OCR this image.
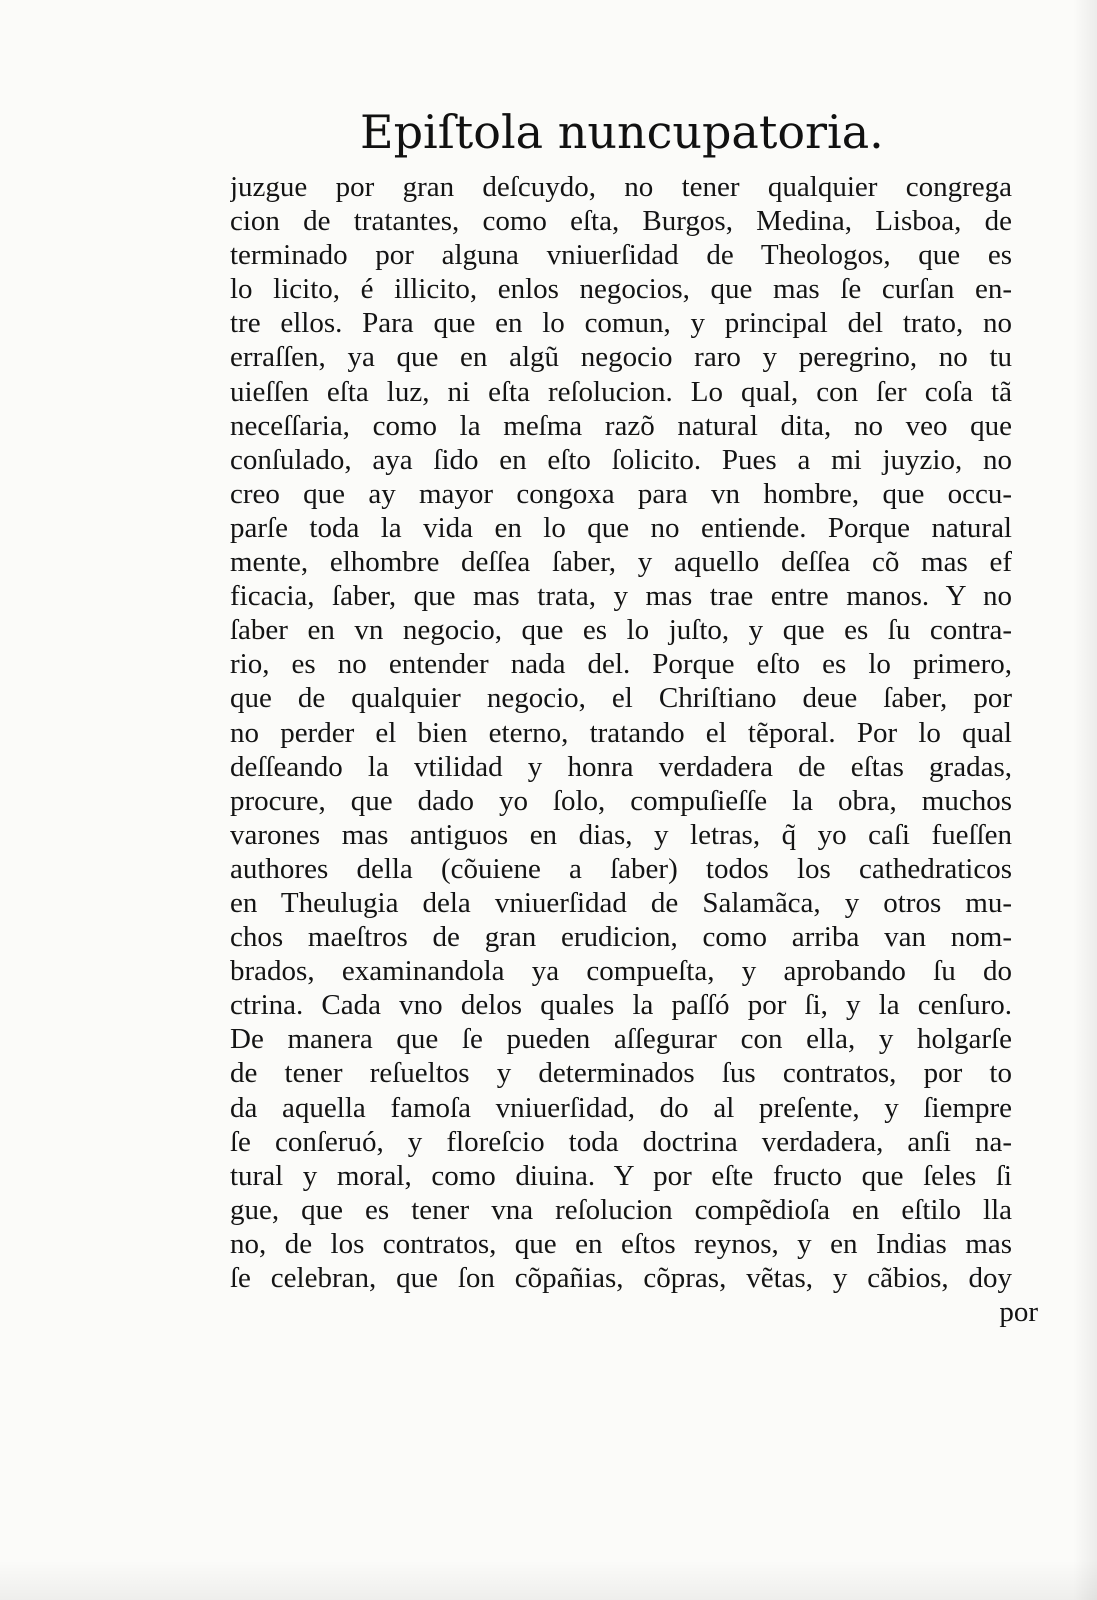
Epiſtola nuncupatoria.
juzgue por gran deſcuydo, no tener qualquier congrega
cion de tratantes, como eſta, Burgos, Medina, Lisboa, de
terminado por alguna vniuerſidad de Theologos, que es
lo licito, é illicito, enlos negocios, que mas ſe curſan en-
tre ellos. Para que en lo comun, y principal del trato, no
erraſſen, ya que en algũ negocio raro y peregrino, no tu
uieſſen eſta luz, ni eſta reſolucion. Lo qual, con ſer coſa tã
neceſſaria, como la meſma razõ natural dita, no veo que
conſulado, aya ſido en eſto ſolicito. Pues a mi juyzio, no
creo que ay mayor congoxa para vn hombre, que occu-
parſe toda la vida en lo que no entiende. Porque natural
mente, elhombre deſſea ſaber, y aquello deſſea cõ mas ef
ficacia, ſaber, que mas trata, y mas trae entre manos. Y no
ſaber en vn negocio, que es lo juſto, y que es ſu contra-
rio, es no entender nada del. Porque eſto es lo primero,
que de qualquier negocio, el Chriſtiano deue ſaber, por
no perder el bien eterno, tratando el tẽporal. Por lo qual
deſſeando la vtilidad y honra verdadera de eſtas gradas,
procure, que dado yo ſolo, compuſieſſe la obra, muchos
varones mas antiguos en dias, y letras, q̃ yo caſi fueſſen
authores della (cõuiene a ſaber) todos los cathedraticos
en Theulugia dela vniuerſidad de Salamãca, y otros mu-
chos maeſtros de gran erudicion, como arriba van nom-
brados, examinandola ya compueſta, y aprobando ſu do
ctrina. Cada vno delos quales la paſſó por ſi, y la cenſuro.
De manera que ſe pueden aſſegurar con ella, y holgarſe
de tener reſueltos y determinados ſus contratos, por to
da aquella famoſa vniuerſidad, do al preſente, y ſiempre
ſe conſeruó, y floreſcio toda doctrina verdadera, anſi na-
tural y moral, como diuina. Y por eſte fructo que ſeles ſi
gue, que es tener vna reſolucion compẽdioſa en eſtilo lla
no, de los contratos, que en eſtos reynos, y en Indias mas
ſe celebran, que ſon cõpañias, cõpras, vẽtas, y cãbios, doy
por
